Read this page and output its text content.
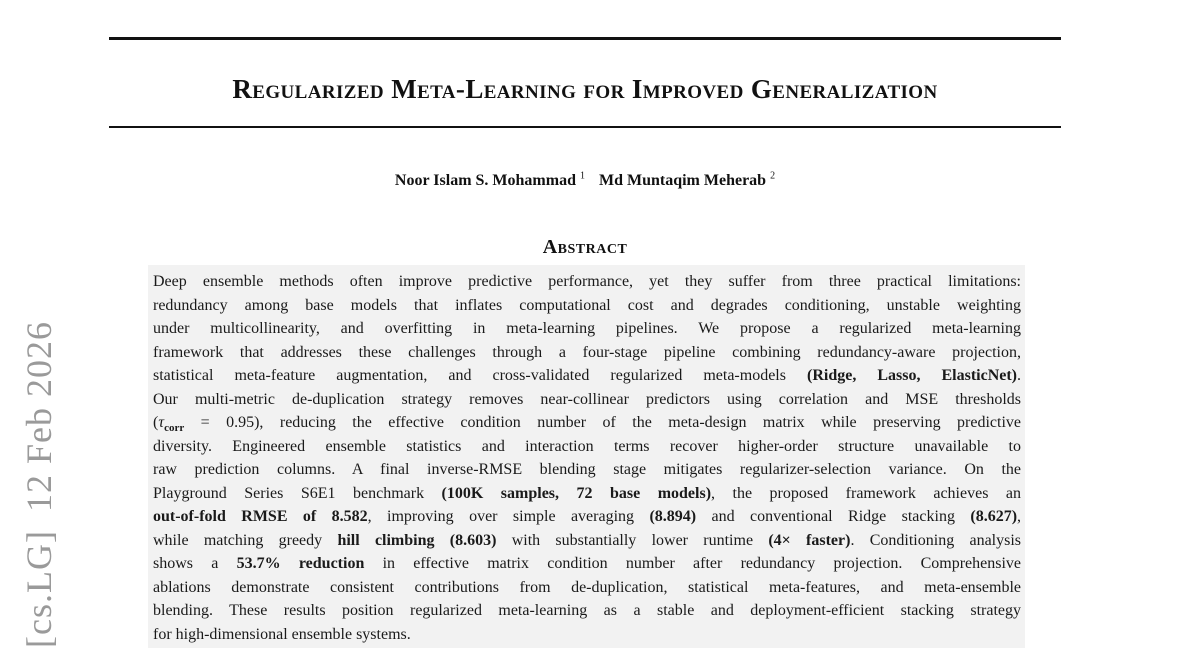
Regularized Meta-Learning for Improved Generalization
Noor Islam S. Mohammad $^1$ Md Muntaqim Meherab $^2$
Abstract
Deep ensemble methods often improve predictive performance, yet they suffer from three practical limitations:
redundancy among base models that inflates computational cost and degrades conditioning, unstable weighting
under multicollinearity, and overfitting in meta-learning pipelines. We propose a regularized meta-learning
framework that addresses these challenges through a four-stage pipeline combining redundancy-aware projection,
statistical meta-feature augmentation, and cross-validated regularized meta-models (Ridge, Lasso, ElasticNet).
Our multi-metric de-duplication strategy removes near-collinear predictors using correlation and MSE thresholds
$(\tau_{corr} = 0.95)$, reducing the effective condition number of the meta-design matrix while preserving predictive
diversity. Engineered ensemble statistics and interaction terms recover higher-order structure unavailable to
raw prediction columns. A final inverse-RMSE blending stage mitigates regularizer-selection variance. On the
Playground Series S6E1 benchmark (100K samples, 72 base models), the proposed framework achieves an
out-of-fold RMSE of 8.582, improving over simple averaging (8.894) and conventional Ridge stacking (8.627),
while matching greedy hill climbing (8.603) with substantially lower runtime (4× faster). Conditioning analysis
shows a 53.7% reduction in effective matrix condition number after redundancy projection. Comprehensive
ablations demonstrate consistent contributions from de-duplication, statistical meta-features, and meta-ensemble
blending. These results position regularized meta-learning as a stable and deployment-efficient stacking strategy
for high-dimensional ensemble systems.
[cs.LG]12 Feb 2026
